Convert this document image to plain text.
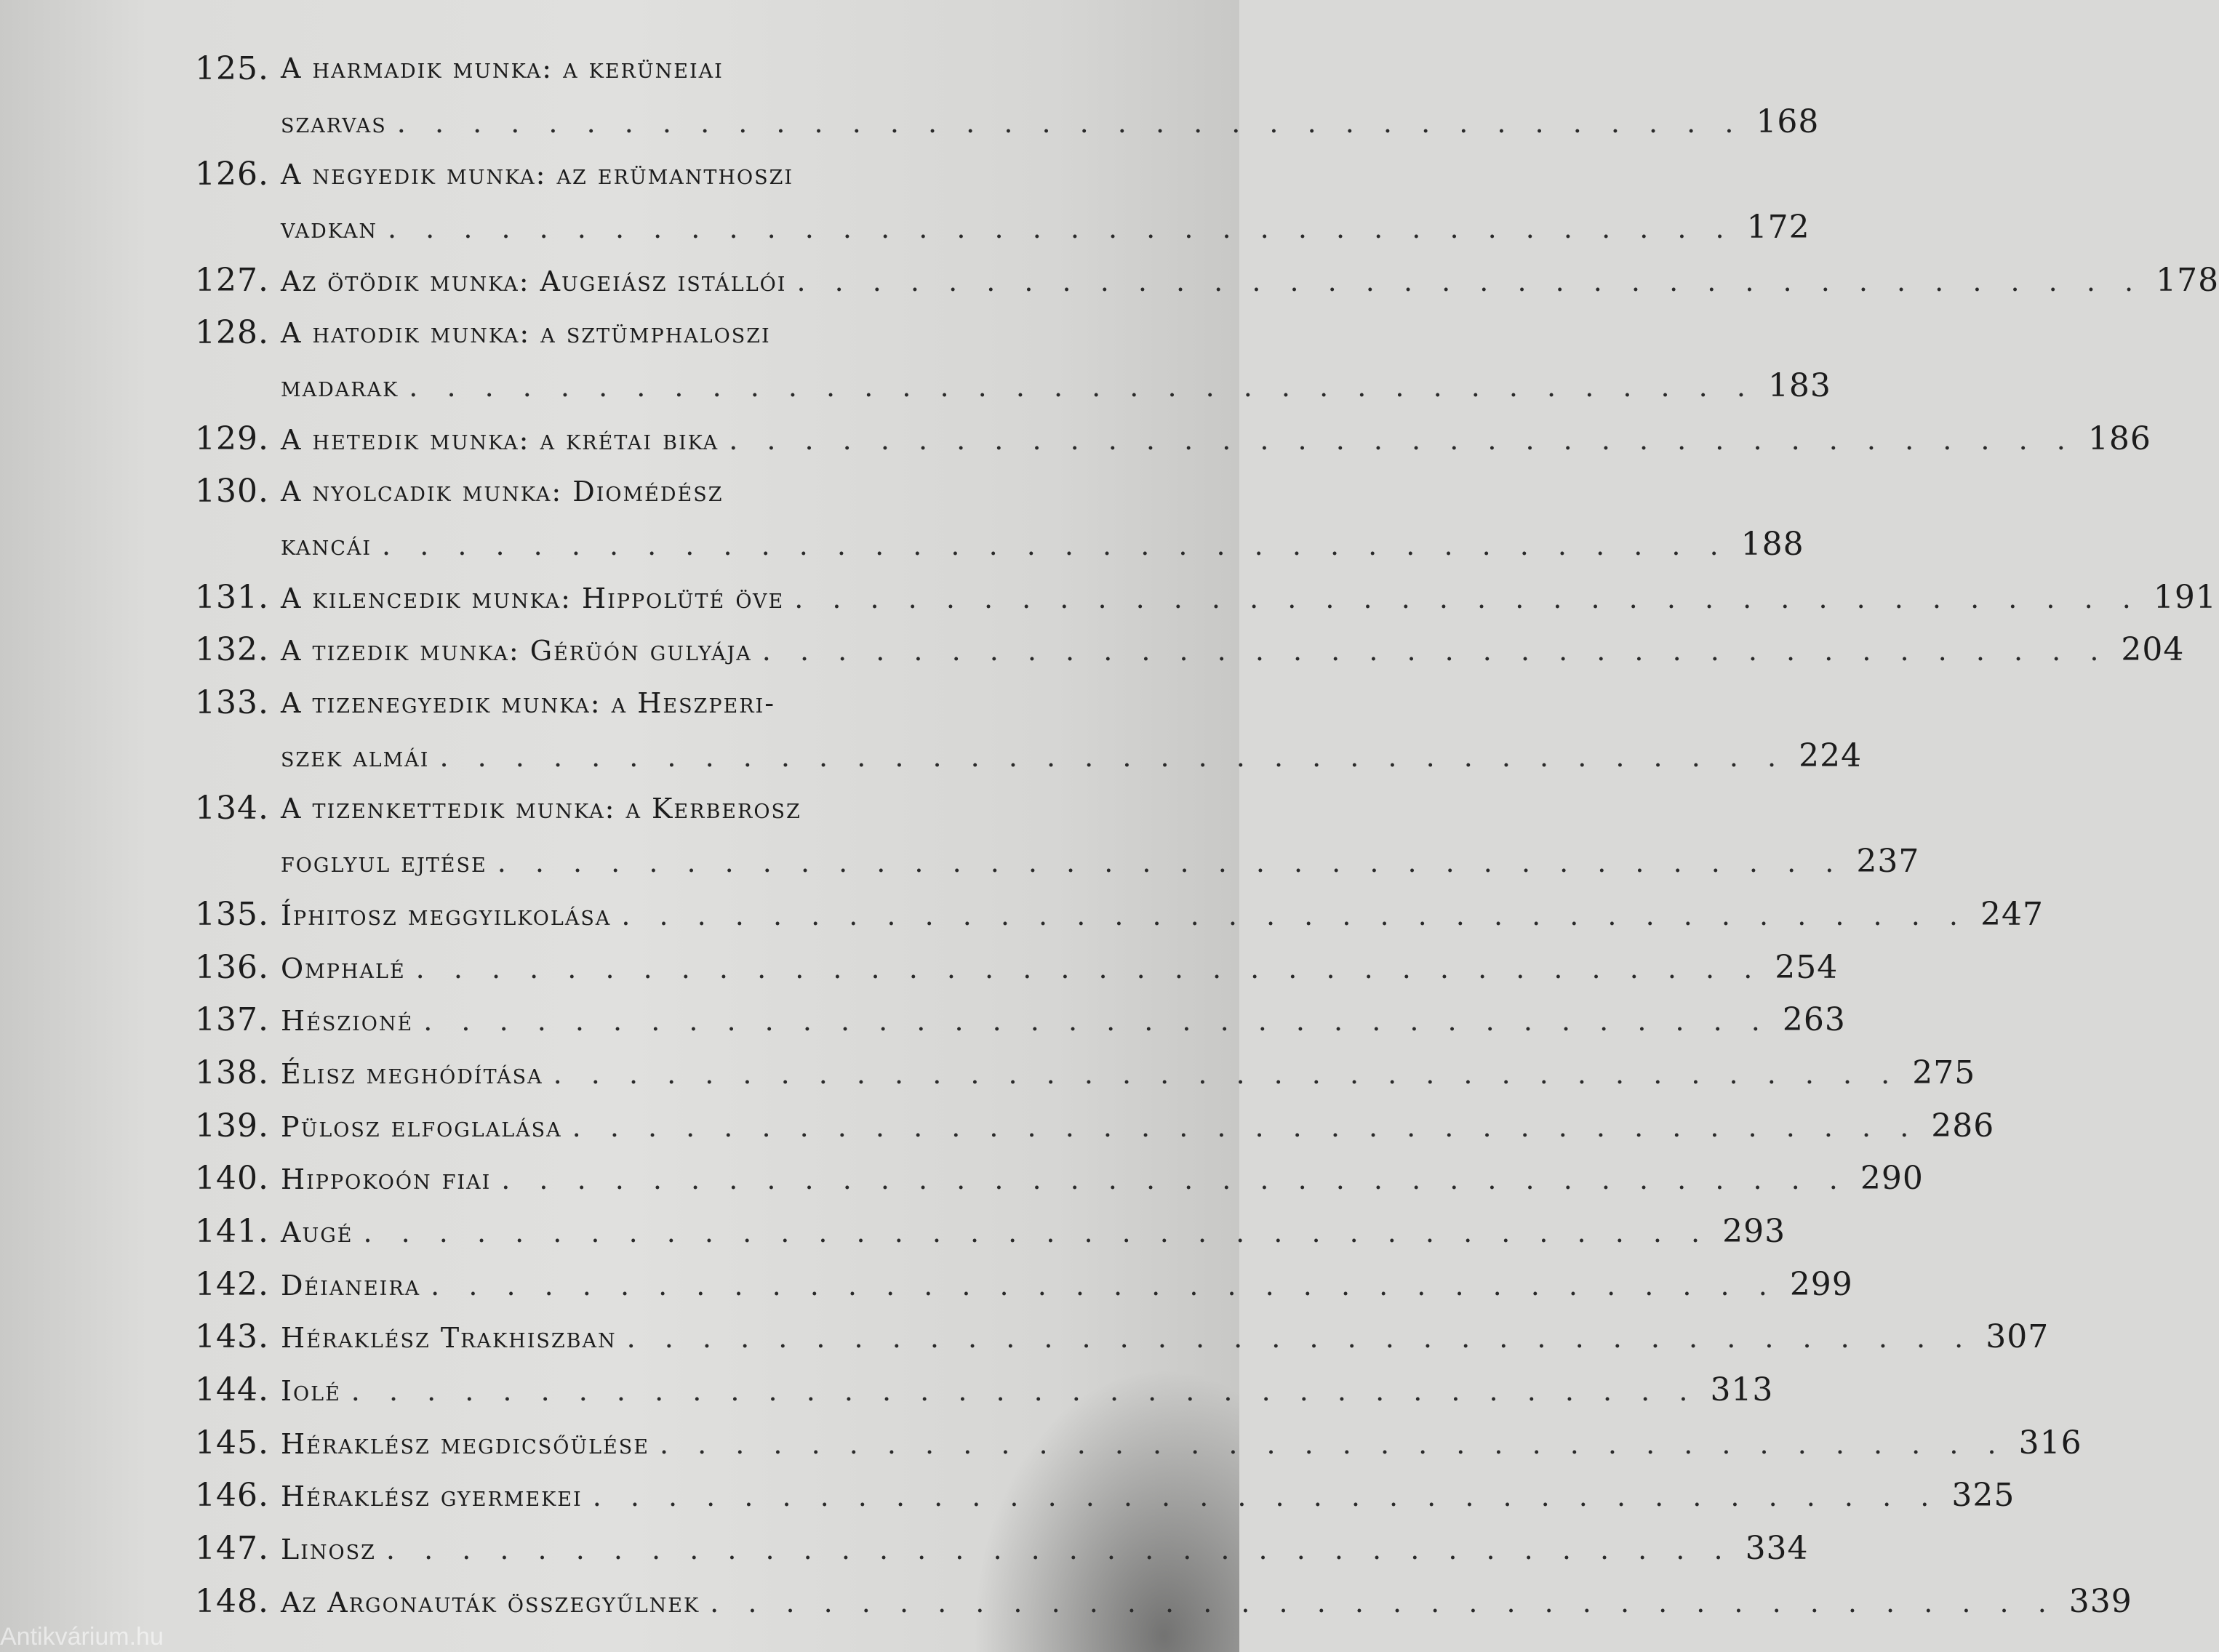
125. A harmadik munka: a kerüneiai
szarvas . . . . . . . . . . . . . . . . . . . . . . . . . . . . . . . . . . . . 168
126. A negyedik munka: az erümanthoszi
vadkan . . . . . . . . . . . . . . . . . . . . . . . . . . . . . . . . . . . . 172
127. Az ötödik munka: Augeiász istállói . . . . . . . . . . . . . . . . . . . . . . . . . . . . . . . . . . . . 178
128. A hatodik munka: a sztümphaloszi
madarak . . . . . . . . . . . . . . . . . . . . . . . . . . . . . . . . . . . . 183
129. A hetedik munka: a krétai bika . . . . . . . . . . . . . . . . . . . . . . . . . . . . . . . . . . . . 186
130. A nyolcadik munka: Diomédész
kancái . . . . . . . . . . . . . . . . . . . . . . . . . . . . . . . . . . . . 188
131. A kilencedik munka: Hippolüté öve . . . . . . . . . . . . . . . . . . . . . . . . . . . . . . . . . . . . 191
132. A tizedik munka: Gérüón gulyája . . . . . . . . . . . . . . . . . . . . . . . . . . . . . . . . . . . . 204
133. A tizenegyedik munka: a Heszperi-
szek almái . . . . . . . . . . . . . . . . . . . . . . . . . . . . . . . . . . . . 224
134. A tizenkettedik munka: a Kerberosz
foglyul ejtése . . . . . . . . . . . . . . . . . . . . . . . . . . . . . . . . . . . . 237
135. Íphitosz meggyilkolása . . . . . . . . . . . . . . . . . . . . . . . . . . . . . . . . . . . . 247
136. Omphalé . . . . . . . . . . . . . . . . . . . . . . . . . . . . . . . . . . . . 254
137. Hészioné . . . . . . . . . . . . . . . . . . . . . . . . . . . . . . . . . . . . 263
138. Élisz meghódítása . . . . . . . . . . . . . . . . . . . . . . . . . . . . . . . . . . . . 275
139. Pülosz elfoglalása . . . . . . . . . . . . . . . . . . . . . . . . . . . . . . . . . . . . 286
140. Hippokoón fiai . . . . . . . . . . . . . . . . . . . . . . . . . . . . . . . . . . . . 290
141. Augé . . . . . . . . . . . . . . . . . . . . . . . . . . . . . . . . . . . . 293
142. Déianeira . . . . . . . . . . . . . . . . . . . . . . . . . . . . . . . . . . . . 299
143. Héraklész Trakhiszban . . . . . . . . . . . . . . . . . . . . . . . . . . . . . . . . . . . . 307
144. Iolé . . . . . . . . . . . . . . . . . . . . . . . . . . . . . . . . . . . . 313
145. Héraklész megdicsőülése . . . . . . . . . . . . . . . . . . . . . . . . . . . . . . . . . . . . 316
146. Héraklész gyermekei . . . . . . . . . . . . . . . . . . . . . . . . . . . . . . . . . . . . 325
147. Linosz . . . . . . . . . . . . . . . . . . . . . . . . . . . . . . . . . . . . 334
148. Az Argonauták összegyűlnek . . . . . . . . . . . . . . . . . . . . . . . . . . . . . . . . . . . . 339
Antikvárium.hu
